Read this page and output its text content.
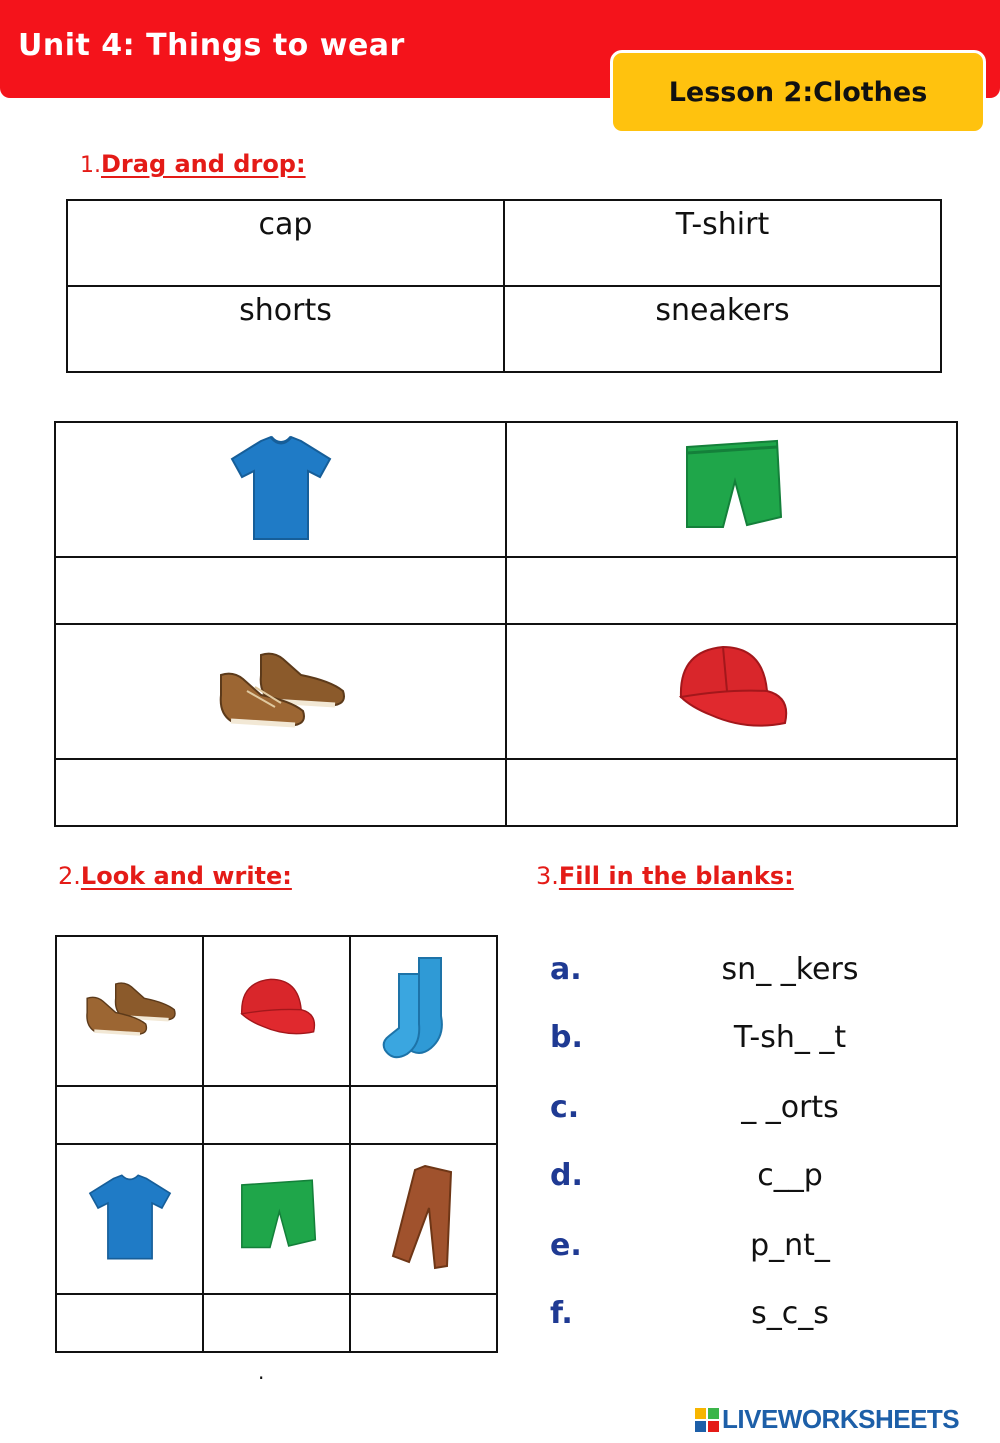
Unit 4: Things to wear
Lesson 2:Clothes
1.Drag and drop:
cap	T-shirt
shorts	sneakers

2.Look and write:	3.Fill in the blanks:

.
a.	sn_ _kers
b.	T-sh_ _t
c.	_ _orts
d.	c__p
e.	p_nt_
f.	s_c_s
LIVEWORKSHEETS
